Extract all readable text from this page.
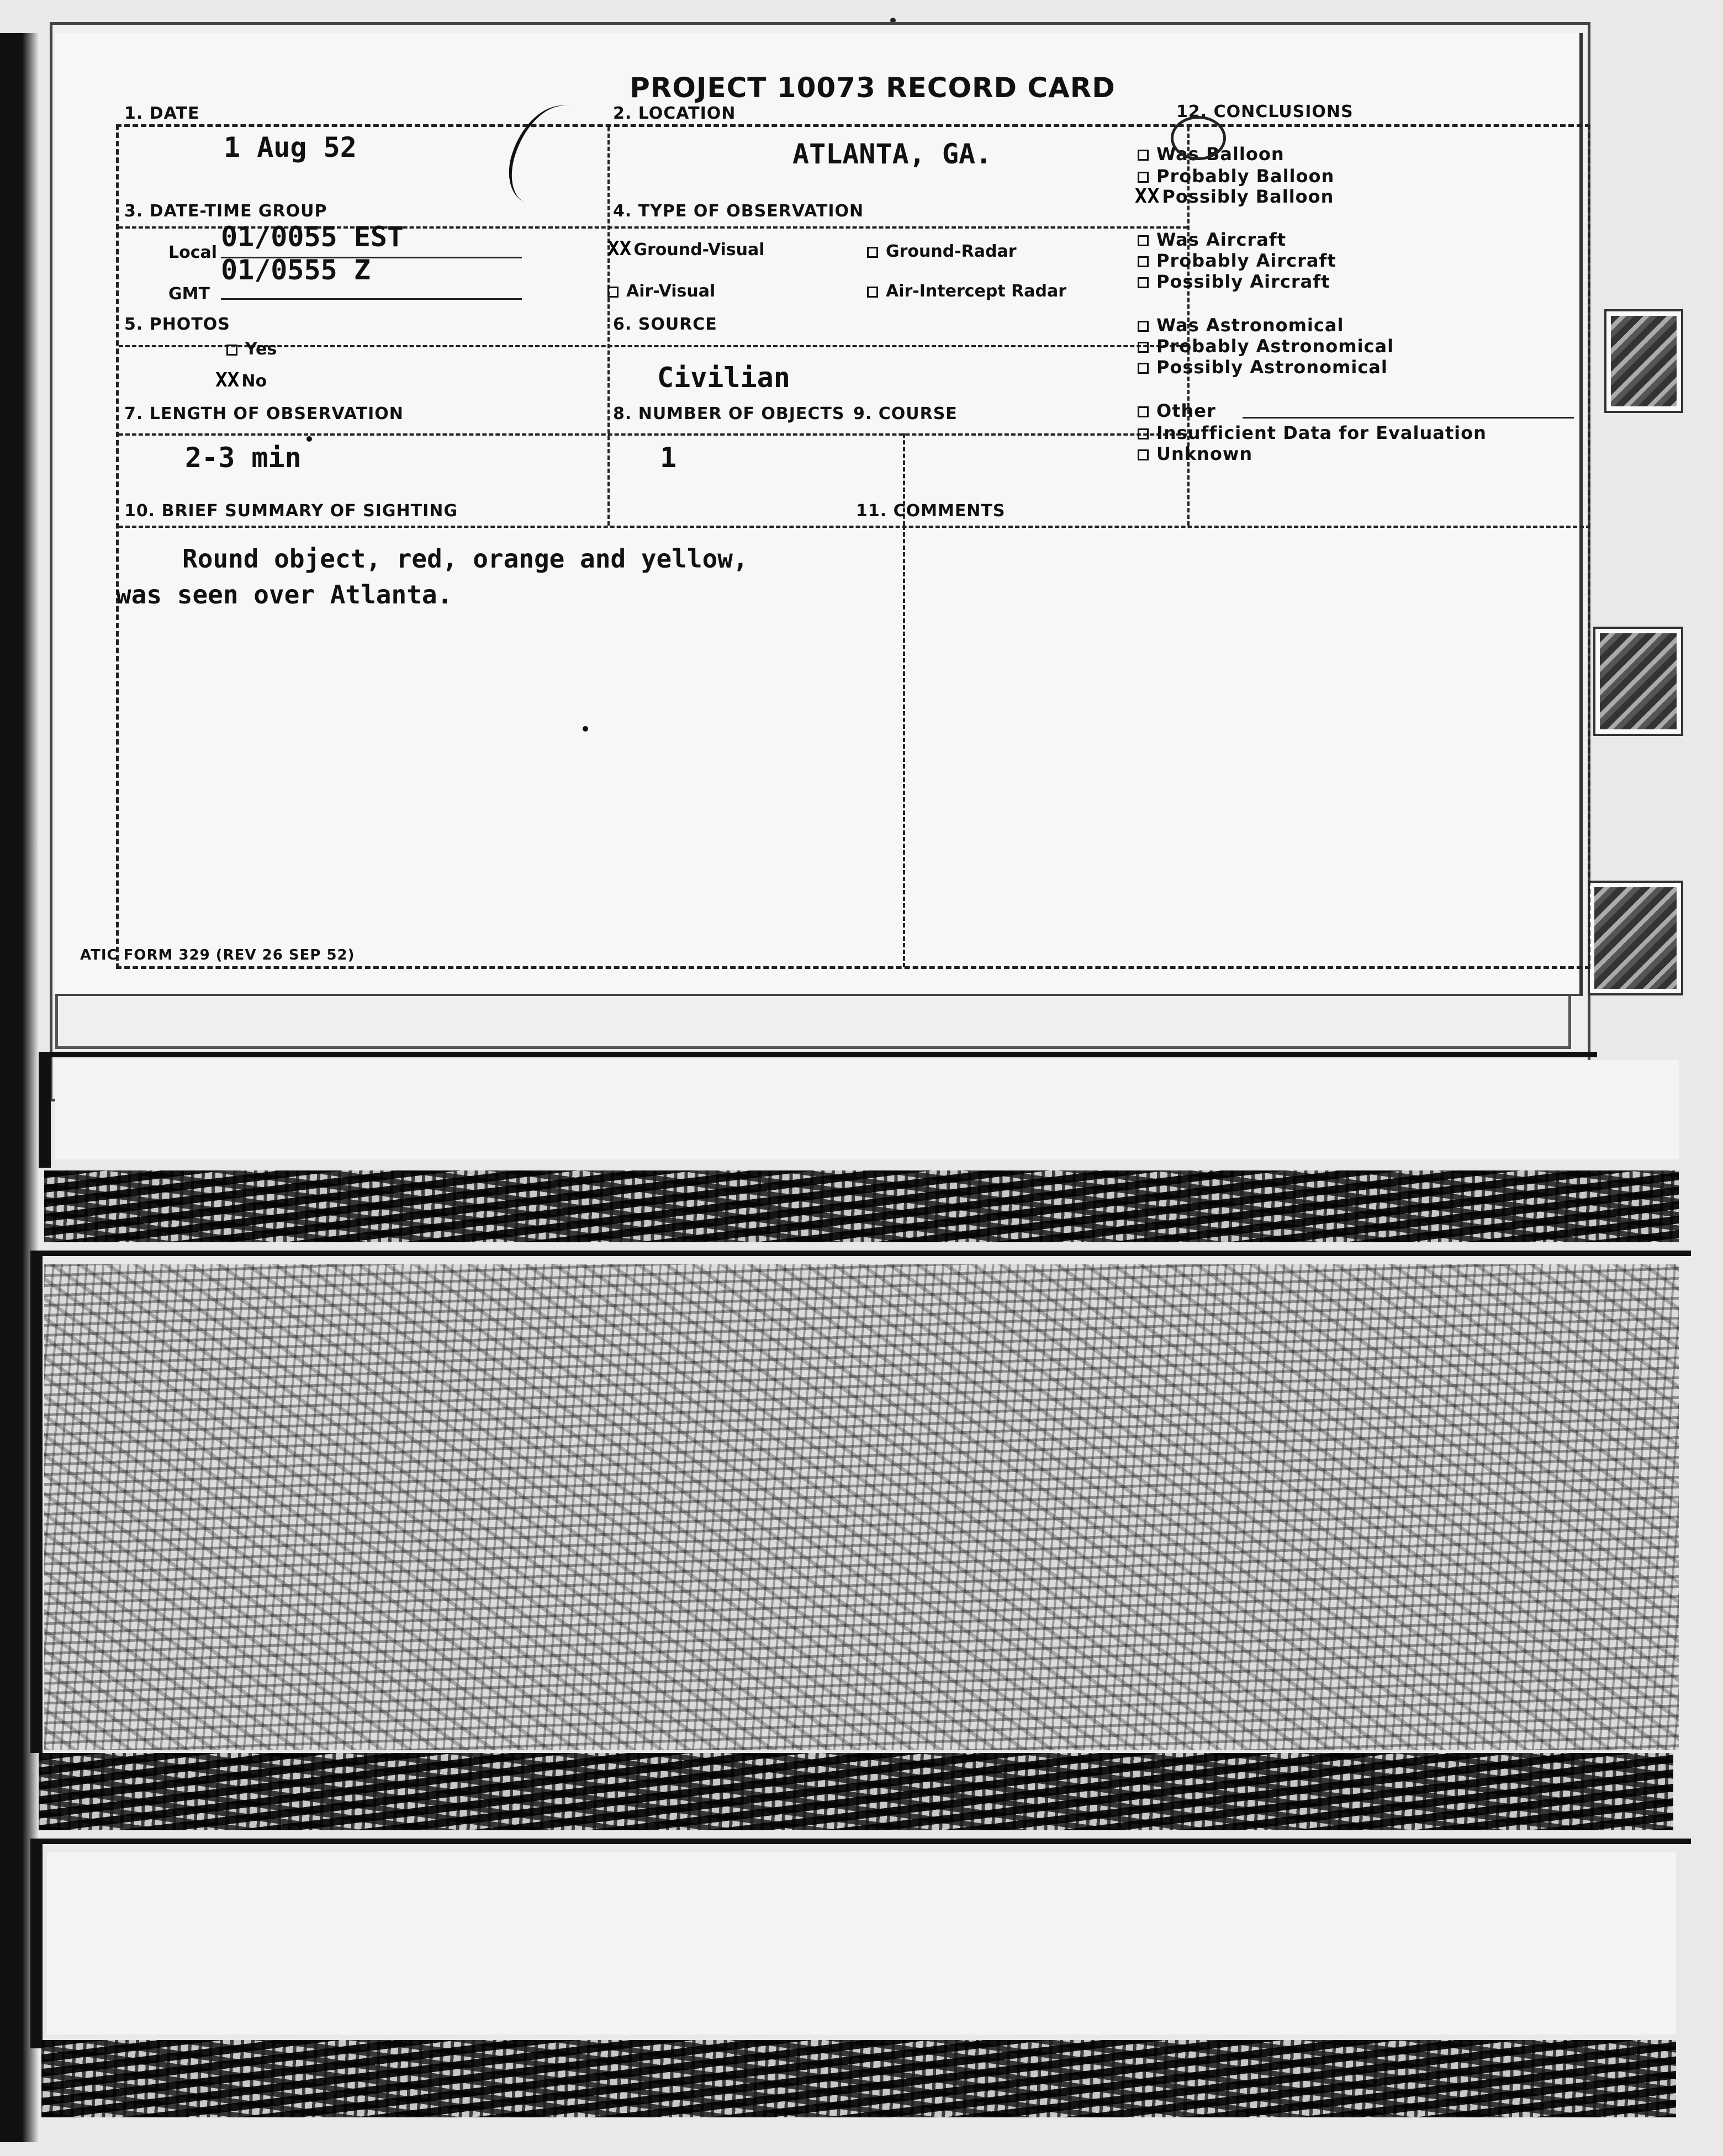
PROJECT 10073 RECORD CARD
1. DATE
1 Aug 52
2. LOCATION
ATLANTA, GA.
3. DATE-TIME GROUP
Local 01/0055 EST
GMT
01/0555 Z
4. TYPE OF OBSERVATION
XX Ground-Visual	Ground-Radar
Air-Visual	Air-Intercept Radar
5. PHOTOS
Yes
XX No
6. SOURCE
Civilian
7. LENGTH OF OBSERVATION
2-3 min
8. NUMBER OF OBJECTS
1
9. COURSE
12. CONCLUSIONS
Was Balloon
Probably Balloon
XX Possibly Balloon
Was Aircraft
Probably Aircraft
Possibly Aircraft
Was Astronomical
Probably Astronomical
Possibly Astronomical
Other
Insufficient Data for Evaluation
Unknown
10. BRIEF SUMMARY OF SIGHTING
Round object, red, orange and yellow,
was seen over Atlanta.
11. COMMENTS
ATIC FORM 329 (REV 26 SEP 52)
